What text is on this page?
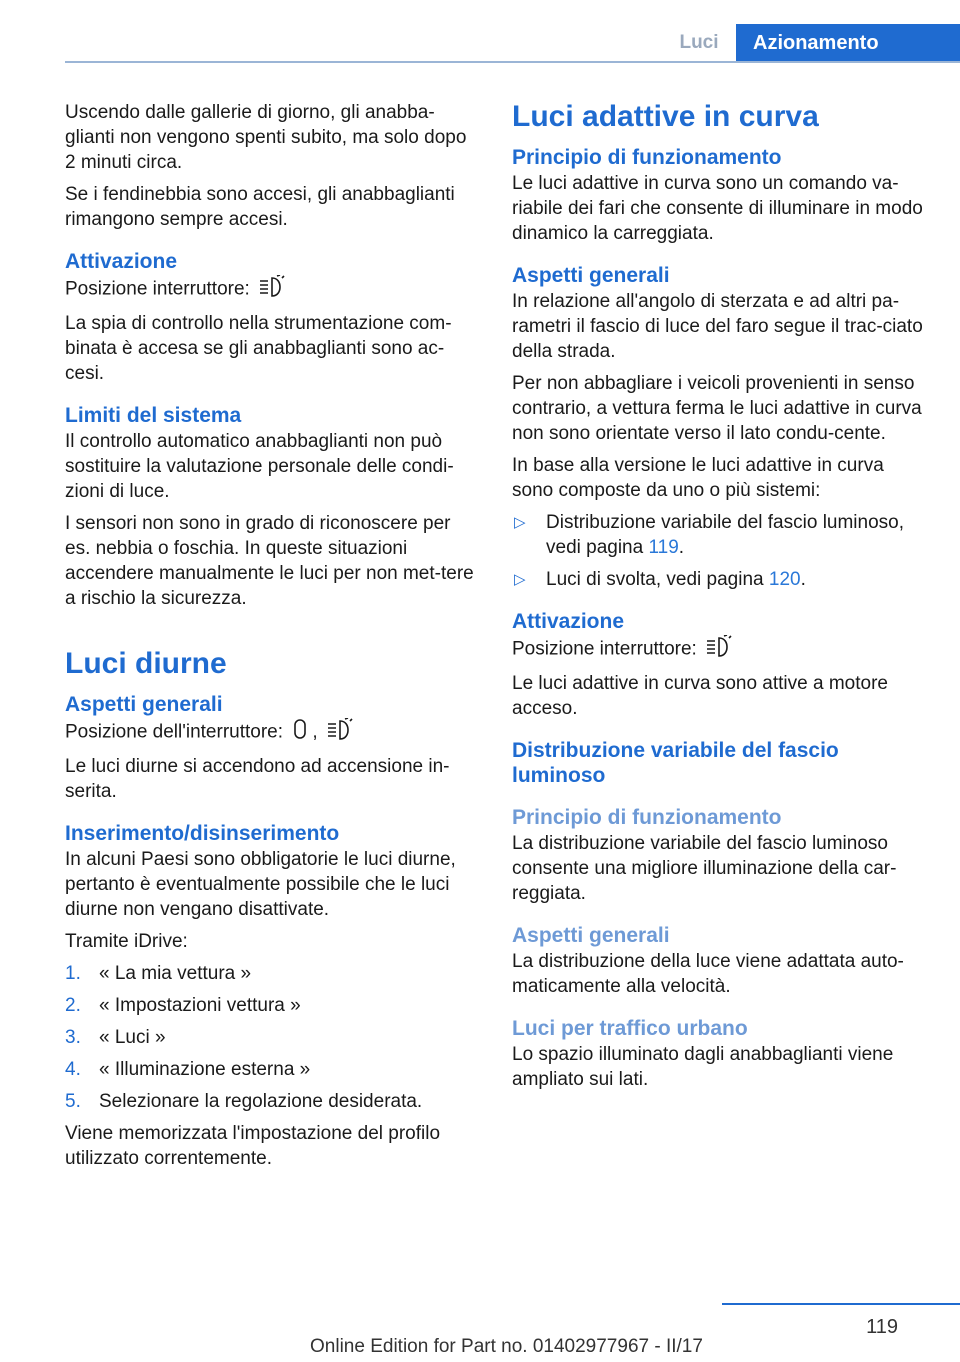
Luci	Azionamento

Uscendo dalle gallerie di giorno, gli anabba-glianti non vengono spenti subito, ma solo dopo 2 minuti circa.

Se i fendinebbia sono accesi, gli anabbaglianti rimangono sempre accesi.

Attivazione

Posizione interruttore:

La spia di controllo nella strumentazione com-binata è accesa se gli anabbaglianti sono ac-cesi.

Limiti del sistema

Il controllo automatico anabbaglianti non può sostituire la valutazione personale delle condi-zioni di luce.

I sensori non sono in grado di riconoscere per es. nebbia o foschia. In queste situazioni accendere manualmente le luci per non met-tere a rischio la sicurezza.

Luci diurne
Aspetti generali

Posizione dell'interruttore: ,

Le luci diurne si accendono ad accensione in-serita.

Inserimento/disinserimento

In alcuni Paesi sono obbligatorie le luci diurne, pertanto è eventualmente possibile che le luci diurne non vengano disattivate.

Tramite iDrive:

1. « La mia vettura »
2. « Impostazioni vettura »
3. « Luci »
4. « Illuminazione esterna »
5. Selezionare la regolazione desiderata.

Viene memorizzata l'impostazione del profilo utilizzato correntemente.

Luci adattive in curva
Principio di funzionamento

Le luci adattive in curva sono un comando va-riabile dei fari che consente di illuminare in modo dinamico la carreggiata.

Aspetti generali

In relazione all'angolo di sterzata e ad altri pa-rametri il fascio di luce del faro segue il trac-ciato della strada.

Per non abbagliare i veicoli provenienti in senso contrario, a vettura ferma le luci adattive in curva non sono orientate verso il lato condu-cente.

In base alla versione le luci adattive in curva sono composte da uno o più sistemi:

▷ Distribuzione variabile del fascio luminoso, vedi pagina 119.
▷ Luci di svolta, vedi pagina 120.
Attivazione

Posizione interruttore:

Le luci adattive in curva sono attive a motore acceso.

Distribuzione variabile del fascio luminoso
Principio di funzionamento

La distribuzione variabile del fascio luminoso consente una migliore illuminazione della car-reggiata.

Aspetti generali

La distribuzione della luce viene adattata auto-maticamente alla velocità.

Luci per traffico urbano

Lo spazio illuminato dagli anabbaglianti viene ampliato sui lati.

119
Online Edition for Part no. 01402977967 - II/17
